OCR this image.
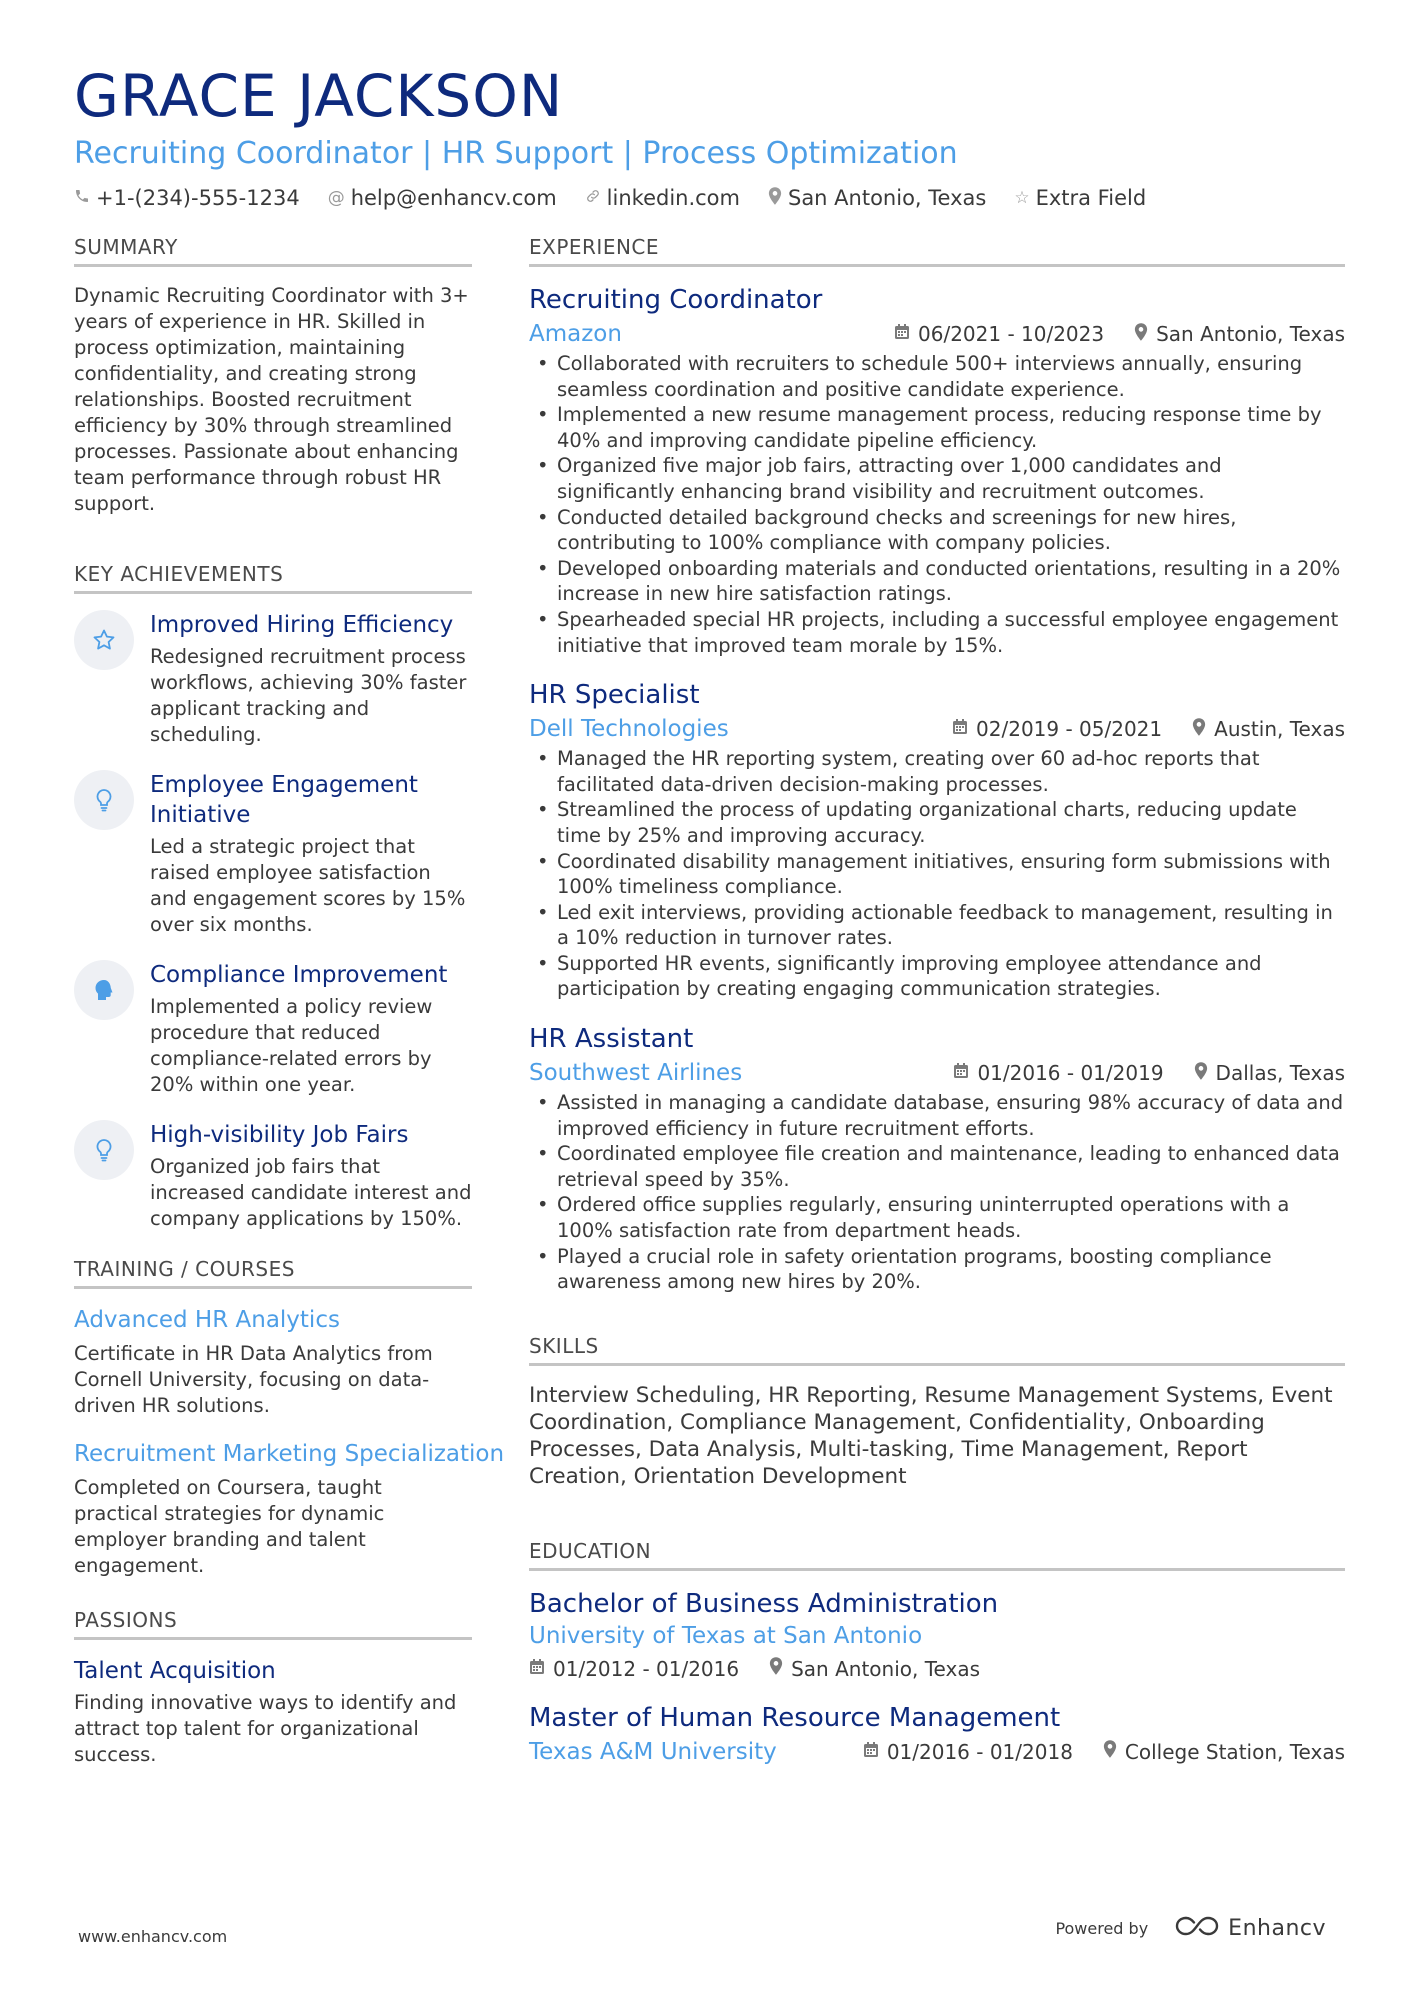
GRACE JACKSON
Recruiting Coordinator | HR Support | Process Optimization
+1-(234)-555-1234 @ help@enhancv.com linkedin.com San Antonio, Texas ☆ Extra Field
SUMMARY
Dynamic Recruiting Coordinator with 3+ years of experience in HR. Skilled in process optimization, maintaining confidentiality, and creating strong relationships. Boosted recruitment efficiency by 30% through streamlined processes. Passionate about enhancing team performance through robust HR support.
KEY ACHIEVEMENTS
Improved Hiring Efficiency
Redesigned recruitment process workflows, achieving 30% faster applicant tracking and scheduling.
Employee Engagement Initiative
Led a strategic project that raised employee satisfaction and engagement scores by 15% over six months.
Compliance Improvement
Implemented a policy review procedure that reduced compliance-related errors by 20% within one year.
High-visibility Job Fairs
Organized job fairs that increased candidate interest and company applications by 150%.
TRAINING / COURSES
Advanced HR Analytics
Certificate in HR Data Analytics from Cornell University, focusing on data-driven HR solutions.
Recruitment Marketing Specialization
Completed on Coursera, taught practical strategies for dynamic employer branding and talent engagement.
PASSIONS
Talent Acquisition
Finding innovative ways to identify and attract top talent for organizational success.
EXPERIENCE
Recruiting Coordinator
Amazon	06/2021 - 10/2023	San Antonio, Texas
• Collaborated with recruiters to schedule 500+ interviews annually, ensuring seamless coordination and positive candidate experience.
• Implemented a new resume management process, reducing response time by 40% and improving candidate pipeline efficiency.
• Organized five major job fairs, attracting over 1,000 candidates and significantly enhancing brand visibility and recruitment outcomes.
• Conducted detailed background checks and screenings for new hires, contributing to 100% compliance with company policies.
• Developed onboarding materials and conducted orientations, resulting in a 20% increase in new hire satisfaction ratings.
• Spearheaded special HR projects, including a successful employee engagement initiative that improved team morale by 15%.
HR Specialist
Dell Technologies	02/2019 - 05/2021	Austin, Texas
• Managed the HR reporting system, creating over 60 ad-hoc reports that facilitated data-driven decision-making processes.
• Streamlined the process of updating organizational charts, reducing update time by 25% and improving accuracy.
• Coordinated disability management initiatives, ensuring form submissions with 100% timeliness compliance.
• Led exit interviews, providing actionable feedback to management, resulting in a 10% reduction in turnover rates.
• Supported HR events, significantly improving employee attendance and participation by creating engaging communication strategies.
HR Assistant
Southwest Airlines	01/2016 - 01/2019	Dallas, Texas
• Assisted in managing a candidate database, ensuring 98% accuracy of data and improved efficiency in future recruitment efforts.
• Coordinated employee file creation and maintenance, leading to enhanced data retrieval speed by 35%.
• Ordered office supplies regularly, ensuring uninterrupted operations with a 100% satisfaction rate from department heads.
• Played a crucial role in safety orientation programs, boosting compliance awareness among new hires by 20%.
SKILLS
Interview Scheduling, HR Reporting, Resume Management Systems, Event Coordination, Compliance Management, Confidentiality, Onboarding Processes, Data Analysis, Multi-tasking, Time Management, Report Creation, Orientation Development
EDUCATION
Bachelor of Business Administration
University of Texas at San Antonio
01/2012 - 01/2016	San Antonio, Texas
Master of Human Resource Management
Texas A&M University	01/2016 - 01/2018	College Station, Texas
www.enhancv.com	Powered by	Enhancv
